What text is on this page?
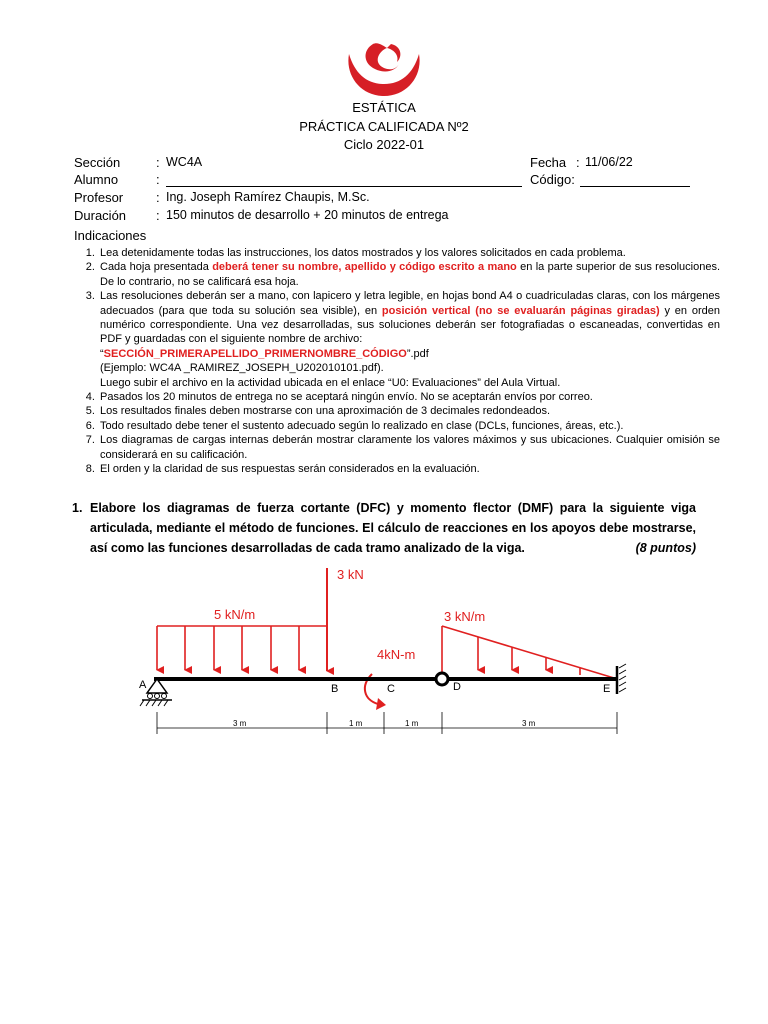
ESTÁTICA
PRÁCTICA CALIFICADA Nº2
Ciclo 2022-01
Sección	: WC4A	Fecha : 11/06/22
Alumno	:	Código:
Profesor	: Ing. Joseph Ramírez Chaupis, M.Sc.
Duración : 150 minutos de desarrollo + 20 minutos de entrega
Indicaciones
1. Lea detenidamente todas las instrucciones, los datos mostrados y los valores solicitados en cada problema.
2. Cada hoja presentada deberá tener su nombre, apellido y código escrito a mano en la parte superior de sus resoluciones. De lo contrario, no se calificará esa hoja.
3. Las resoluciones deberán ser a mano, con lapicero y letra legible, en hojas bond A4 o cuadriculadas claras, con los márgenes adecuados (para que toda su solución sea visible), en posición vertical (no se evaluarán páginas giradas) y en orden numérico correspondiente. Una vez desarrolladas, sus soluciones deberán ser fotografiadas o escaneadas, convertidas en PDF y guardadas con el siguiente nombre de archivo:
“SECCIÓN_PRIMERAPELLIDO_PRIMERNOMBRE_CÓDIGO”.pdf
(Ejemplo: WC4A _RAMIREZ_JOSEPH_U202010101.pdf).
Luego subir el archivo en la actividad ubicada en el enlace “U0: Evaluaciones” del Aula Virtual.
4. Pasados los 20 minutos de entrega no se aceptará ningún envío. No se aceptarán envíos por correo.
5. Los resultados finales deben mostrarse con una aproximación de 3 decimales redondeados.
6. Todo resultado debe tener el sustento adecuado según lo realizado en clase (DCLs, funciones, áreas, etc.).
7. Los diagramas de cargas internas deberán mostrar claramente los valores máximos y sus ubicaciones. Cualquier omisión se considerará en su calificación.
8. El orden y la claridad de sus respuestas serán considerados en la evaluación.
1. Elabore los diagramas de fuerza cortante (DFC) y momento flector (DMF) para la siguiente viga articulada, mediante el método de funciones. El cálculo de reacciones en los apoyos debe mostrarse, así como las funciones desarrolladas de cada tramo analizado de la viga.	(8 puntos)
5 kN/m
3 kN
4kN-m
3 kN/m
A	B	C	D	E
3 m	1 m	1 m	3 m
